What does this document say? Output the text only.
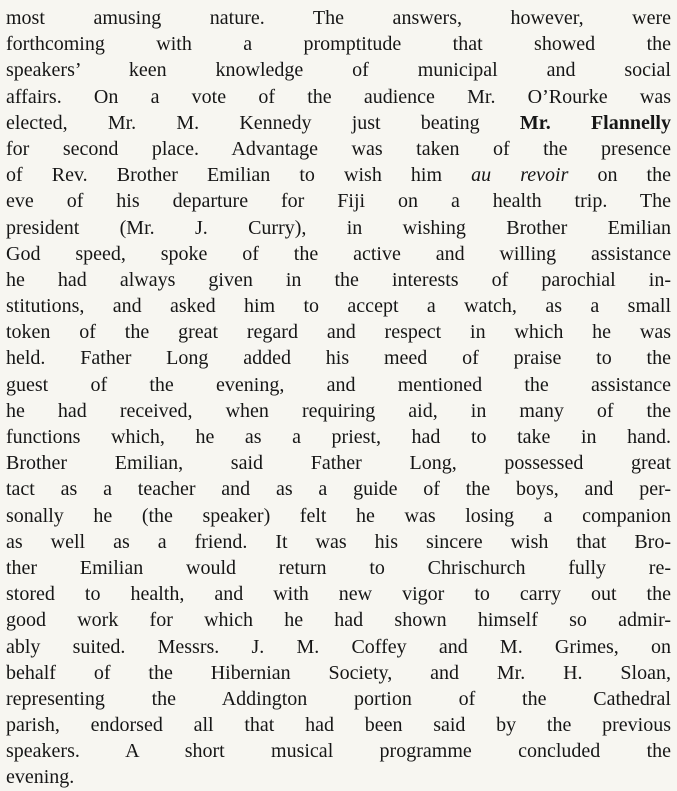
most amusing nature. The answers, however, were
forthcoming with a promptitude that showed the
speakers’ keen knowledge of municipal and social
affairs. On a vote of the audience Mr. O’Rourke was
elected, Mr. M. Kennedy just beating Mr. Flannelly
for second place. Advantage was taken of the presence
of Rev. Brother Emilian to wish him au revoir on the
eve of his departure for Fiji on a health trip. The
president (Mr. J. Curry), in wishing Brother Emilian
God speed, spoke of the active and willing assistance
he had always given in the interests of parochial in-
stitutions, and asked him to accept a watch, as a small
token of the great regard and respect in which he was
held. Father Long added his meed of praise to the
guest of the evening, and mentioned the assistance
he had received, when requiring aid, in many of the
functions which, he as a priest, had to take in hand.
Brother Emilian, said Father Long, possessed great
tact as a teacher and as a guide of the boys, and per-
sonally he (the speaker) felt he was losing a companion
as well as a friend. It was his sincere wish that Bro-
ther Emilian would return to Chrischurch fully re-
stored to health, and with new vigor to carry out the
good work for which he had shown himself so admir-
ably suited. Messrs. J. M. Coffey and M. Grimes, on
behalf of the Hibernian Society, and Mr. H. Sloan,
representing the Addington portion of the Cathedral
parish, endorsed all that had been said by the previous
speakers. A short musical programme concluded the
evening.
